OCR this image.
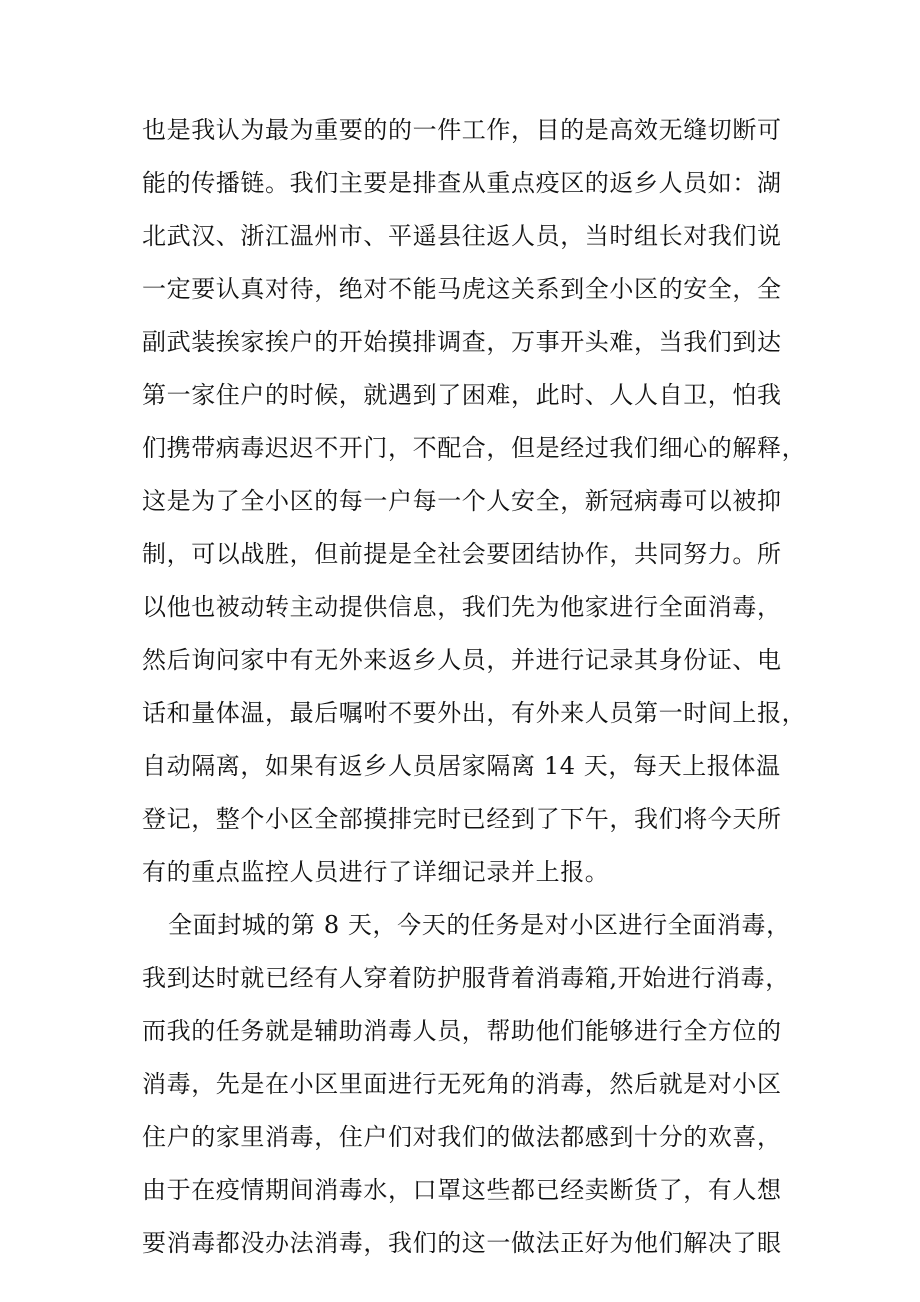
也是我认为最为重要的的一件工作，目的是高效无缝切断可
能的传播链。我们主要是排查从重点疫区的返乡人员如：湖
北武汉、浙江温州市、平遥县往返人员，当时组长对我们说
一定要认真对待，绝对不能马虎这关系到全小区的安全，全
副武装挨家挨户的开始摸排调查，万事开头难，当我们到达
第一家住户的时候，就遇到了困难，此时、人人自卫，怕我
们携带病毒迟迟不开门，不配合，但是经过我们细心的解释，
这是为了全小区的每一户每一个人安全，新冠病毒可以被抑
制，可以战胜，但前提是全社会要团结协作，共同努力。所
以他也被动转主动提供信息，我们先为他家进行全面消毒，
然后询问家中有无外来返乡人员，并进行记录其身份证、电
话和量体温，最后嘱咐不要外出，有外来人员第一时间上报，
自动隔离，如果有返乡人员居家隔离 14 天，每天上报体温
登记，整个小区全部摸排完时已经到了下午，我们将今天所
有的重点监控人员进行了详细记录并上报。
全面封城的第 8 天，今天的任务是对小区进行全面消毒，
我到达时就已经有人穿着防护服背着消毒箱,开始进行消毒，
而我的任务就是辅助消毒人员，帮助他们能够进行全方位的
消毒，先是在小区里面进行无死角的消毒，然后就是对小区
住户的家里消毒，住户们对我们的做法都感到十分的欢喜，
由于在疫情期间消毒水，口罩这些都已经卖断货了，有人想
要消毒都没办法消毒，我们的这一做法正好为他们解决了眼
